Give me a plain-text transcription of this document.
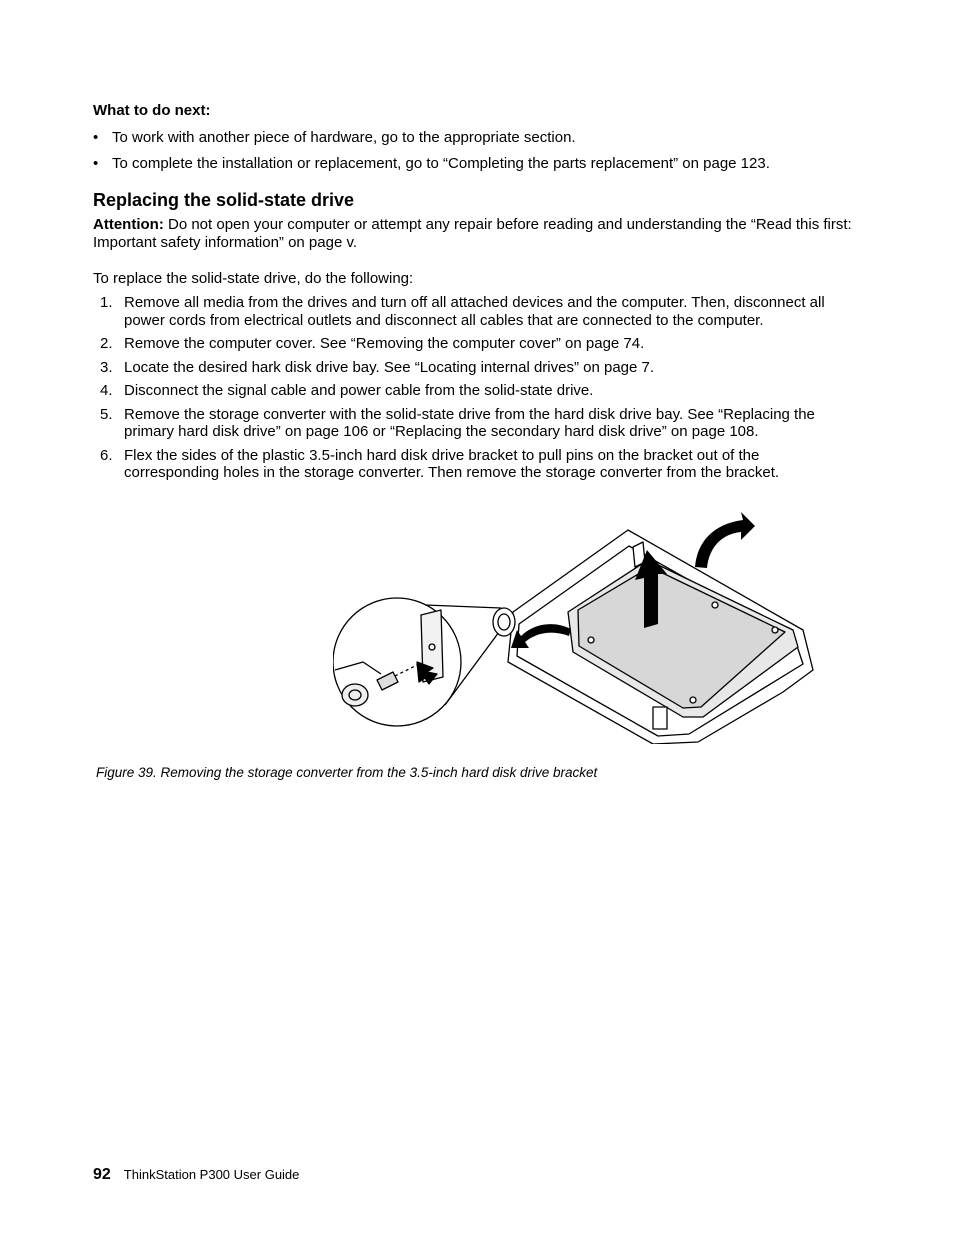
What to do next:
• To work with another piece of hardware, go to the appropriate section.
• To complete the installation or replacement, go to “Completing the parts replacement” on page 123.
Replacing the solid-state drive
Attention: Do not open your computer or attempt any repair before reading and understanding the “Read this first: Important safety information” on page v.
To replace the solid-state drive, do the following:
1. Remove all media from the drives and turn off all attached devices and the computer. Then, disconnect all power cords from electrical outlets and disconnect all cables that are connected to the computer.
2. Remove the computer cover. See “Removing the computer cover” on page 74.
3. Locate the desired hark disk drive bay. See “Locating internal drives” on page 7.
4. Disconnect the signal cable and power cable from the solid-state drive.
5. Remove the storage converter with the solid-state drive from the hard disk drive bay. See “Replacing the primary hard disk drive” on page 106 or “Replacing the secondary hard disk drive” on page 108.
6. Flex the sides of the plastic 3.5-inch hard disk drive bracket to pull pins on the bracket out of the corresponding holes in the storage converter. Then remove the storage converter from the bracket.
Figure 39. Removing the storage converter from the 3.5-inch hard disk drive bracket
92 ThinkStation P300 User Guide
